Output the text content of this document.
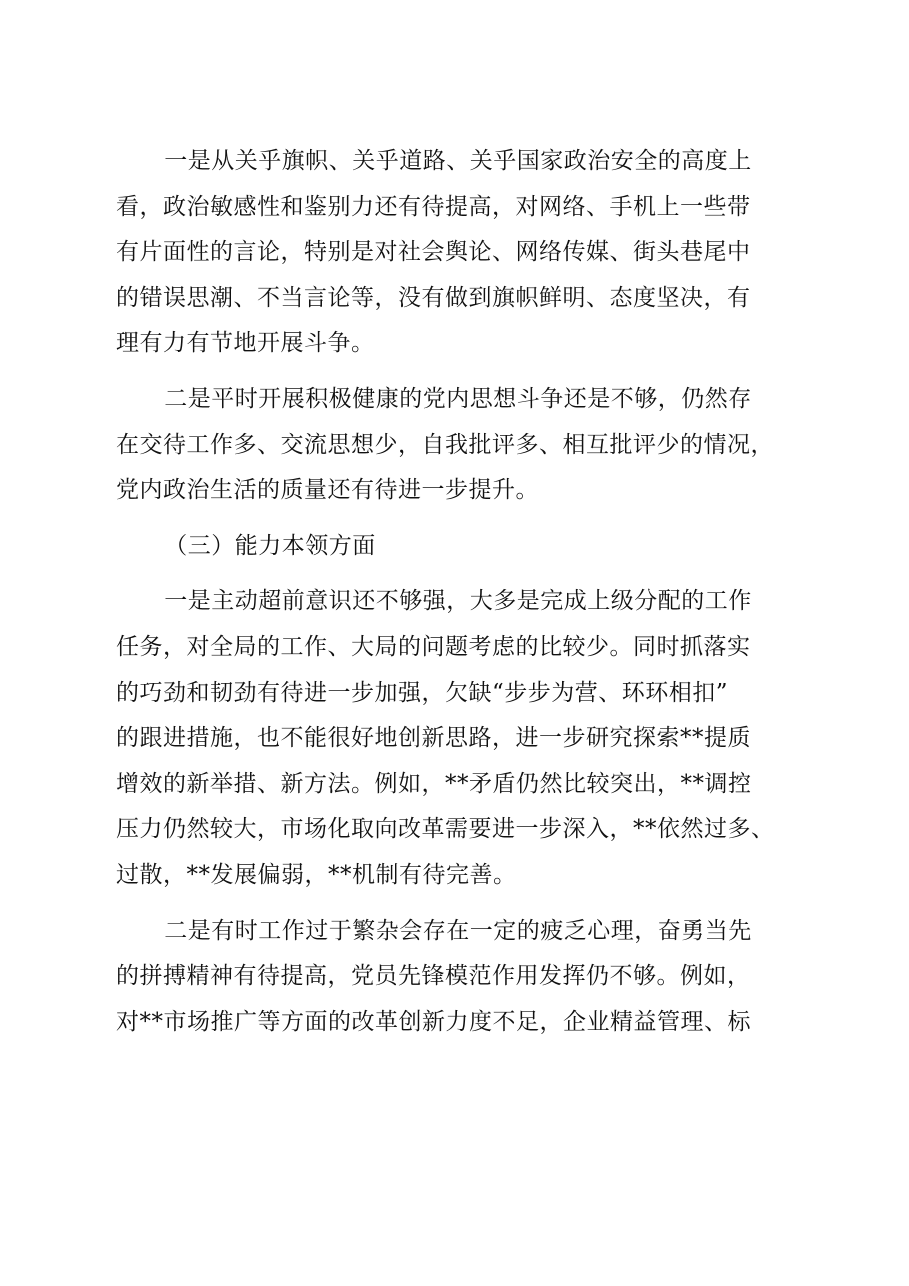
一是从关乎旗帜、关乎道路、关乎国家政治安全的高度上
看，政治敏感性和鉴别力还有待提高，对网络、手机上一些带
有片面性的言论，特别是对社会舆论、网络传媒、街头巷尾中
的错误思潮、不当言论等，没有做到旗帜鲜明、态度坚决，有
理有力有节地开展斗争。

二是平时开展积极健康的党内思想斗争还是不够，仍然存
在交待工作多、交流思想少，自我批评多、相互批评少的情况，
党内政治生活的质量还有待进一步提升。

（三）能力本领方面

一是主动超前意识还不够强，大多是完成上级分配的工作
任务，对全局的工作、大局的问题考虑的比较少。同时抓落实
的巧劲和韧劲有待进一步加强，欠缺“步步为营、环环相扣”
的跟进措施，也不能很好地创新思路，进一步研究探索**提质
增效的新举措、新方法。例如，**矛盾仍然比较突出，**调控
压力仍然较大，市场化取向改革需要进一步深入，**依然过多、
过散，**发展偏弱，**机制有待完善。

二是有时工作过于繁杂会存在一定的疲乏心理，奋勇当先
的拼搏精神有待提高，党员先锋模范作用发挥仍不够。例如，
对**市场推广等方面的改革创新力度不足，企业精益管理、标
